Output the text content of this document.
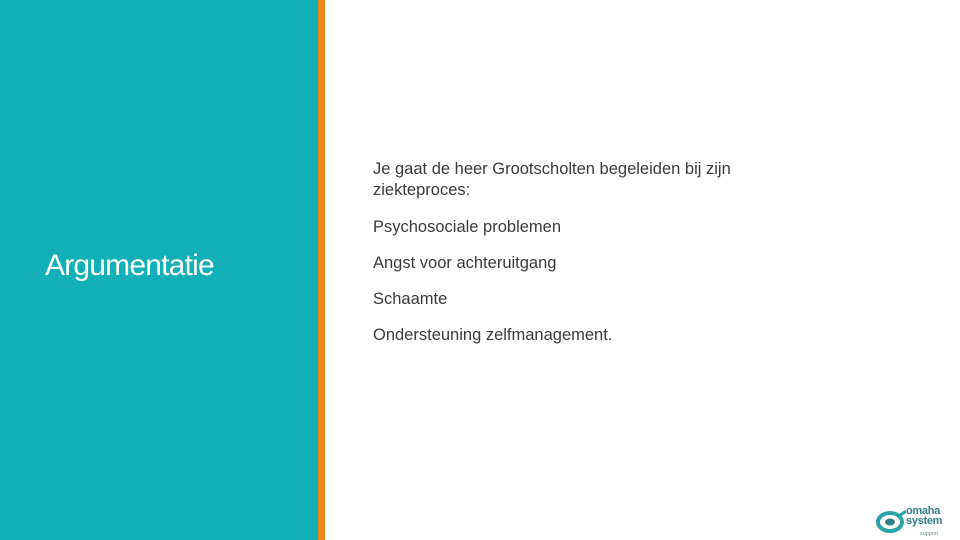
Argumentatie
Je gaat de heer Grootscholten begeleiden bij zijn ziekteproces:
Psychosociale problemen
Angst voor achteruitgang
Schaamte
Ondersteuning zelfmanagement.
omaha
system
support
